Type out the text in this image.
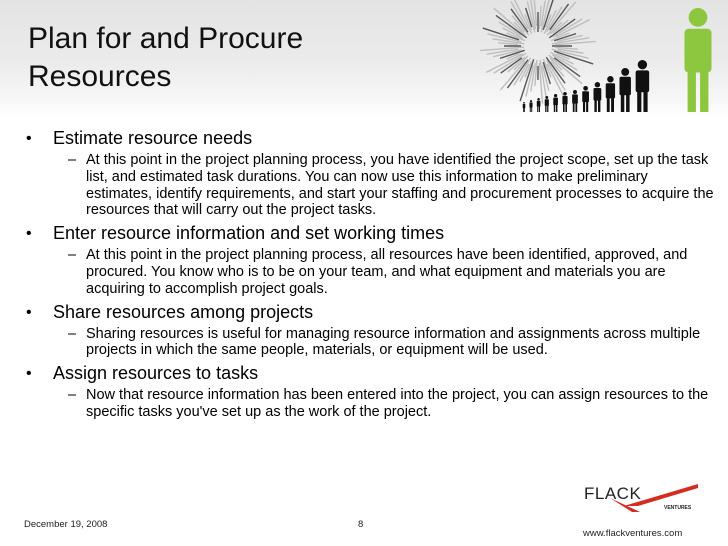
Plan for and Procure
Resources

• Estimate resource needs

– At this point in the project planning process, you have identified the project scope, set up the task list, and estimated task durations. You can now use this information to make preliminary estimates, identify requirements, and start your staffing and procurement processes to acquire the resources that will carry out the project tasks.

• Enter resource information and set working times

– At this point in the project planning process, all resources have been identified, approved, and procured. You know who is to be on your team, and what equipment and materials you are acquiring to accomplish project goals.

• Share resources among projects

– Sharing resources is useful for managing resource information and assignments across multiple projects in which the same people, materials, or equipment will be used.

• Assign resources to tasks

– Now that resource information has been entered into the project, you can assign resources to the specific tasks you've set up as the work of the project.

December 19, 2008	8
VENTURES
FLACK
www.flackventures.com
